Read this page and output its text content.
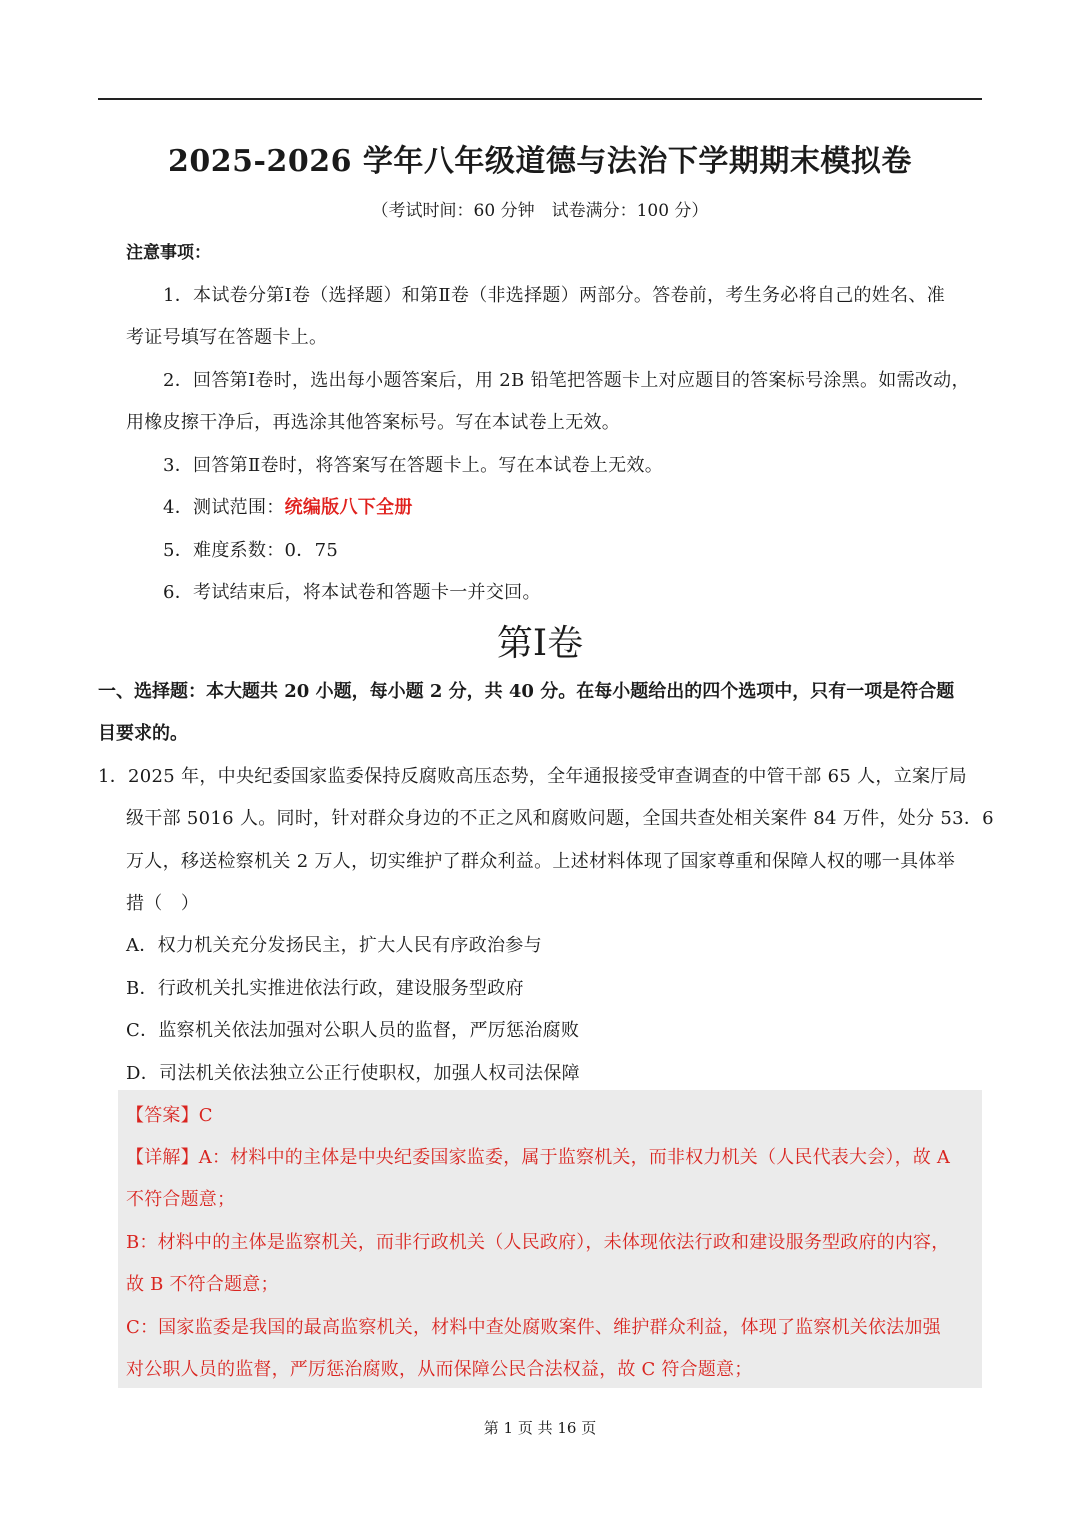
2025-2026 学年八年级道德与法治下学期期末模拟卷
（考试时间：60 分钟　试卷满分：100 分）
注意事项：
1．本试卷分第Ⅰ卷（选择题）和第Ⅱ卷（非选择题）两部分。答卷前，考生务必将自己的姓名、准
考证号填写在答题卡上。
2．回答第Ⅰ卷时，选出每小题答案后，用 2B 铅笔把答题卡上对应题目的答案标号涂黑。如需改动，
用橡皮擦干净后，再选涂其他答案标号。写在本试卷上无效。
3．回答第Ⅱ卷时，将答案写在答题卡上。写在本试卷上无效。
4．测试范围：统编版八下全册
5．难度系数：0．75
6．考试结束后，将本试卷和答题卡一并交回。
第Ⅰ卷
一、选择题：本大题共 20 小题，每小题 2 分，共 40 分。在每小题给出的四个选项中，只有一项是符合题
目要求的。
1．2025 年，中央纪委国家监委保持反腐败高压态势，全年通报接受审查调查的中管干部 65 人，立案厅局
级干部 5016 人。同时，针对群众身边的不正之风和腐败问题，全国共查处相关案件 84 万件，处分 53．6
万人，移送检察机关 2 万人，切实维护了群众利益。上述材料体现了国家尊重和保障人权的哪一具体举
措（　）
A．权力机关充分发扬民主，扩大人民有序政治参与
B．行政机关扎实推进依法行政，建设服务型政府
C．监察机关依法加强对公职人员的监督，严厉惩治腐败
D．司法机关依法独立公正行使职权，加强人权司法保障
【答案】C
【详解】A：材料中的主体是中央纪委国家监委，属于监察机关，而非权力机关（人民代表大会），故 A
不符合题意；
B：材料中的主体是监察机关，而非行政机关（人民政府），未体现依法行政和建设服务型政府的内容，
故 B 不符合题意；
C：国家监委是我国的最高监察机关，材料中查处腐败案件、维护群众利益，体现了监察机关依法加强
对公职人员的监督，严厉惩治腐败，从而保障公民合法权益，故 C 符合题意；
第 1 页 共 16 页
